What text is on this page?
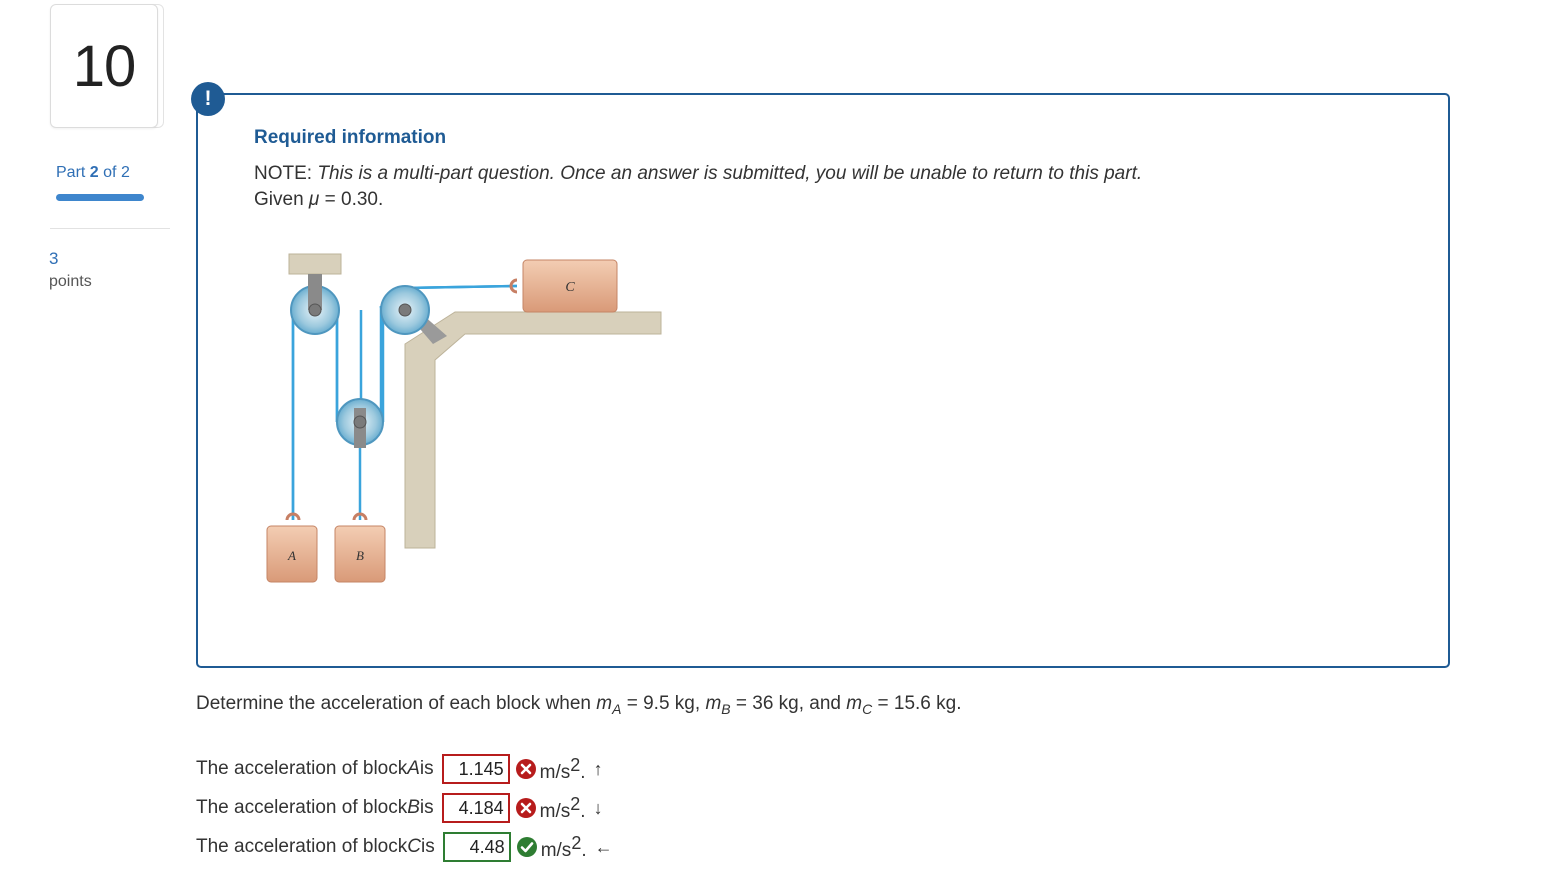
10
Part 2 of 2
3
points
!
Required information
NOTE: This is a multi-part question. Once an answer is submitted, you will be unable to return to this part.
Given μ = 0.30.
A	B
C
Determine the acceleration of each block when $m_A = 9.5$ kg, $m_B = 36$ kg, and $m_C = 15.6$ kg.
The acceleration of block A is	1.145	$m/s^2$. ↑
The acceleration of block B is	4.184	$m/s^2$. ↓
The acceleration of block C is	4.48	$m/s^2$. ←
